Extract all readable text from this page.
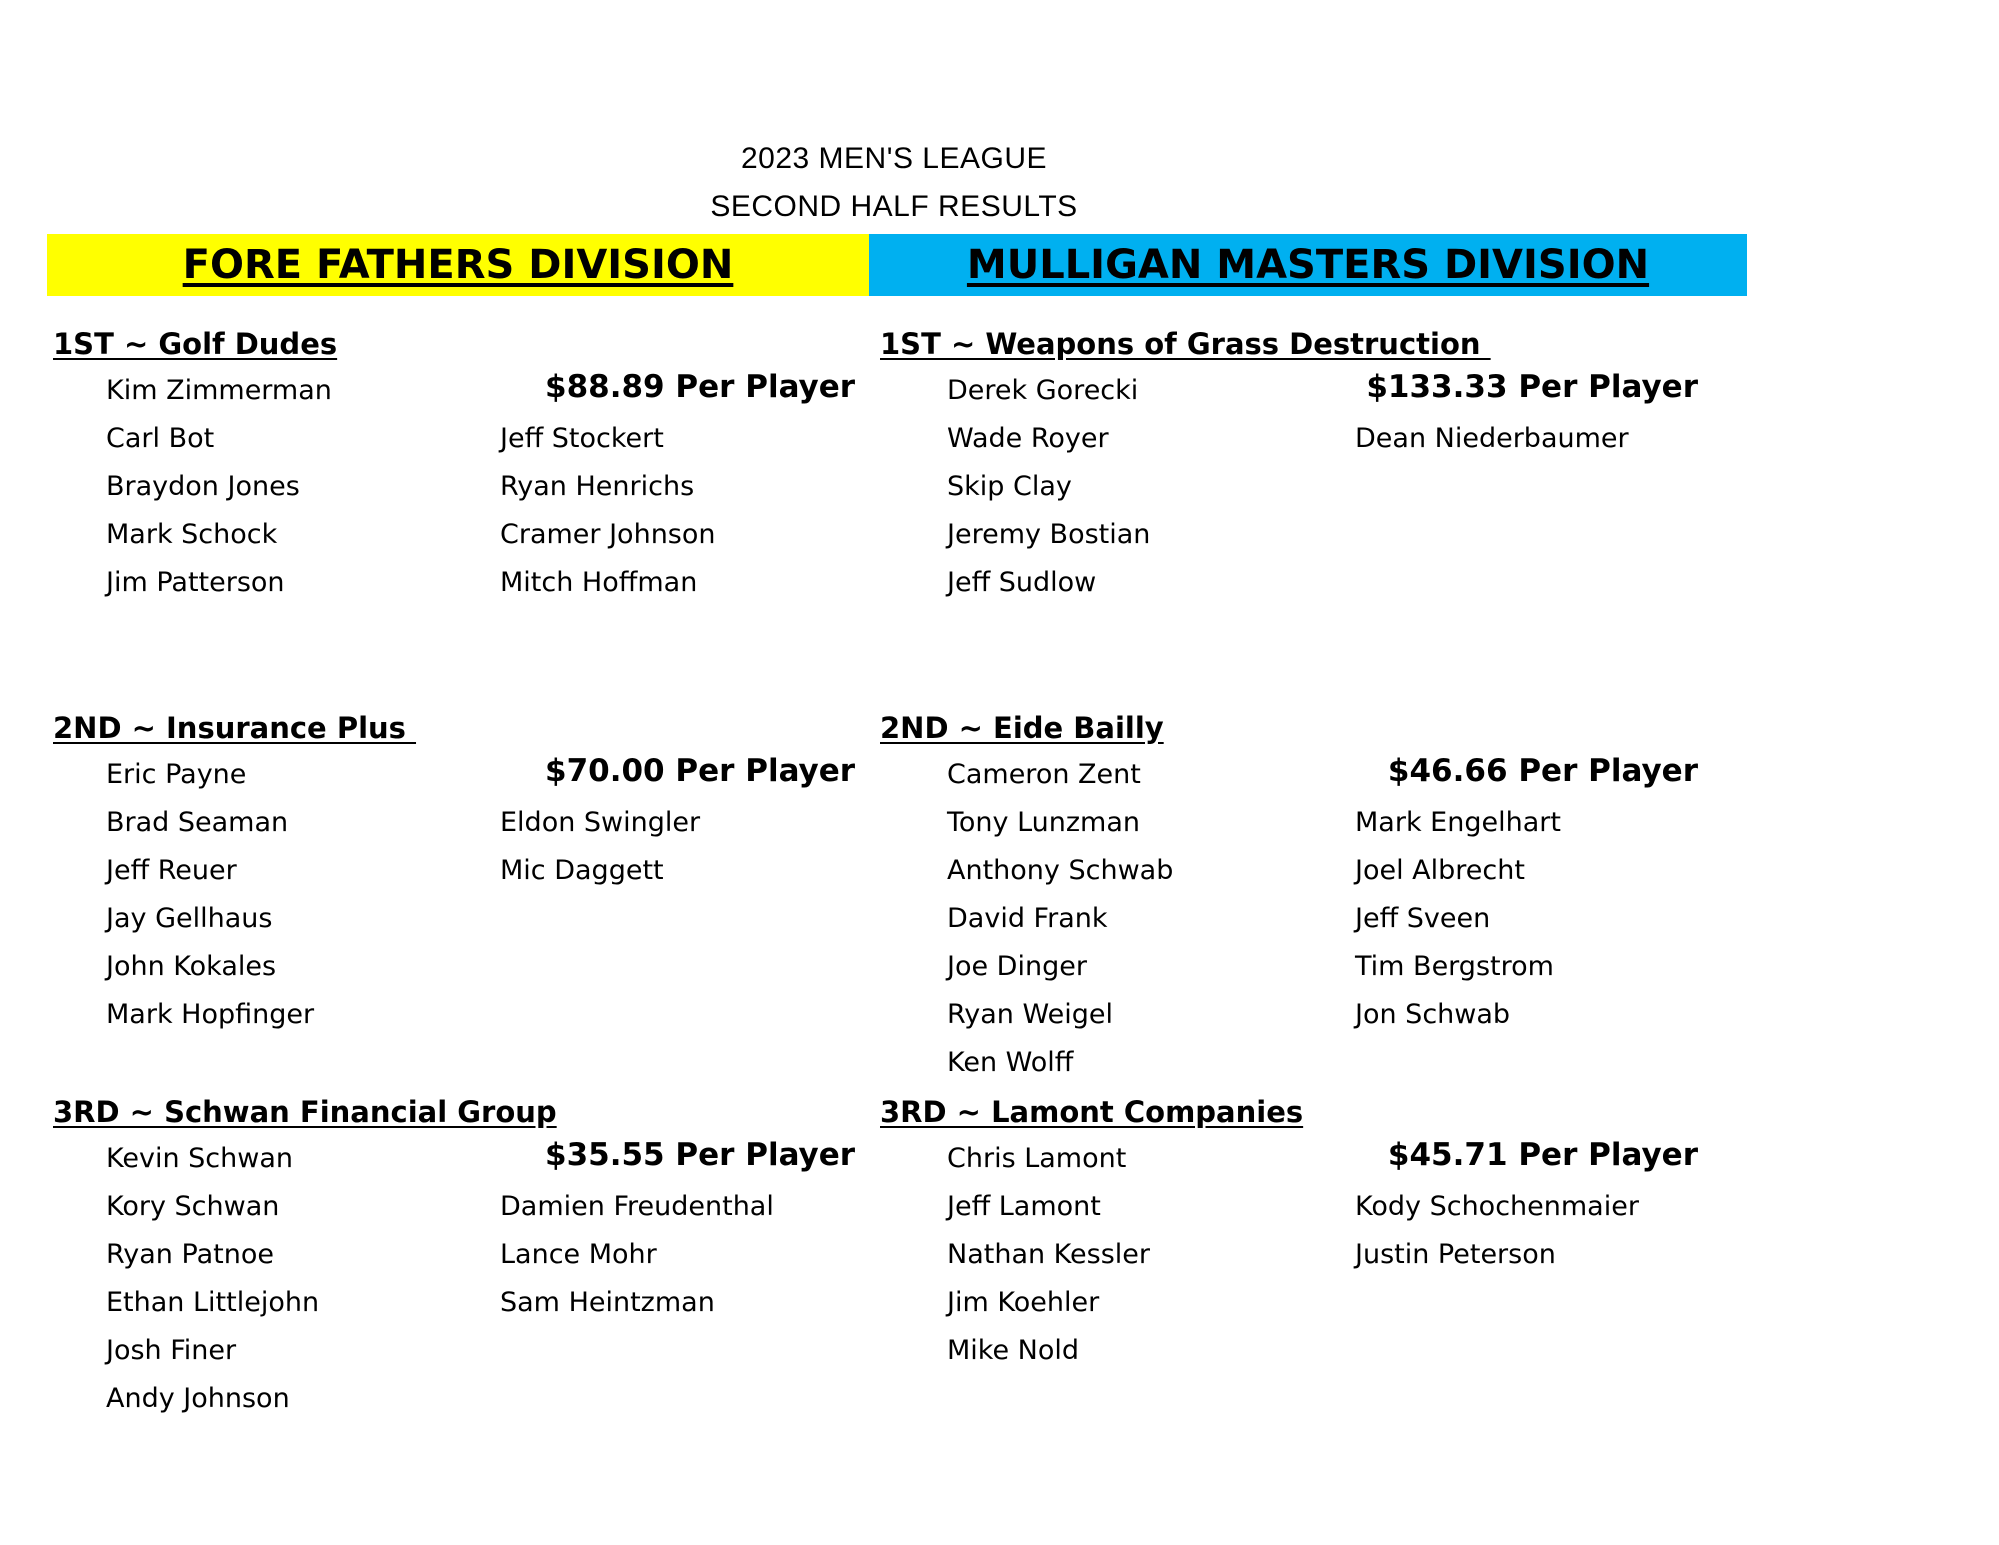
2023 MEN'S LEAGUE
SECOND HALF RESULTS
FORE FATHERS DIVISION	MULLIGAN MASTERS DIVISION
1ST ~ Golf Dudes
$88.89 Per Player
Kim Zimmerman
Carl Bot
Braydon Jones
Mark Schock
Jim Patterson
Jeff Stockert
Ryan Henrichs
Cramer Johnson
Mitch Hoffman
2ND ~ Insurance Plus
$70.00 Per Player
Eric Payne
Brad Seaman
Jeff Reuer
Jay Gellhaus
John Kokales
Mark Hopfinger
Eldon Swingler
Mic Daggett
3RD ~ Schwan Financial Group
$35.55 Per Player
Kevin Schwan
Kory Schwan
Ryan Patnoe
Ethan Littlejohn
Josh Finer
Andy Johnson
Damien Freudenthal
Lance Mohr
Sam Heintzman
1ST ~ Weapons of Grass Destruction
$133.33 Per Player
Derek Gorecki
Wade Royer
Skip Clay
Jeremy Bostian
Jeff Sudlow
Dean Niederbaumer
2ND ~ Eide Bailly
$46.66 Per Player
Cameron Zent
Tony Lunzman
Anthony Schwab
David Frank
Joe Dinger
Ryan Weigel
Ken Wolff
Mark Engelhart
Joel Albrecht
Jeff Sveen
Tim Bergstrom
Jon Schwab
3RD ~ Lamont Companies
$45.71 Per Player
Chris Lamont
Jeff Lamont
Nathan Kessler
Jim Koehler
Mike Nold
Kody Schochenmaier
Justin Peterson
